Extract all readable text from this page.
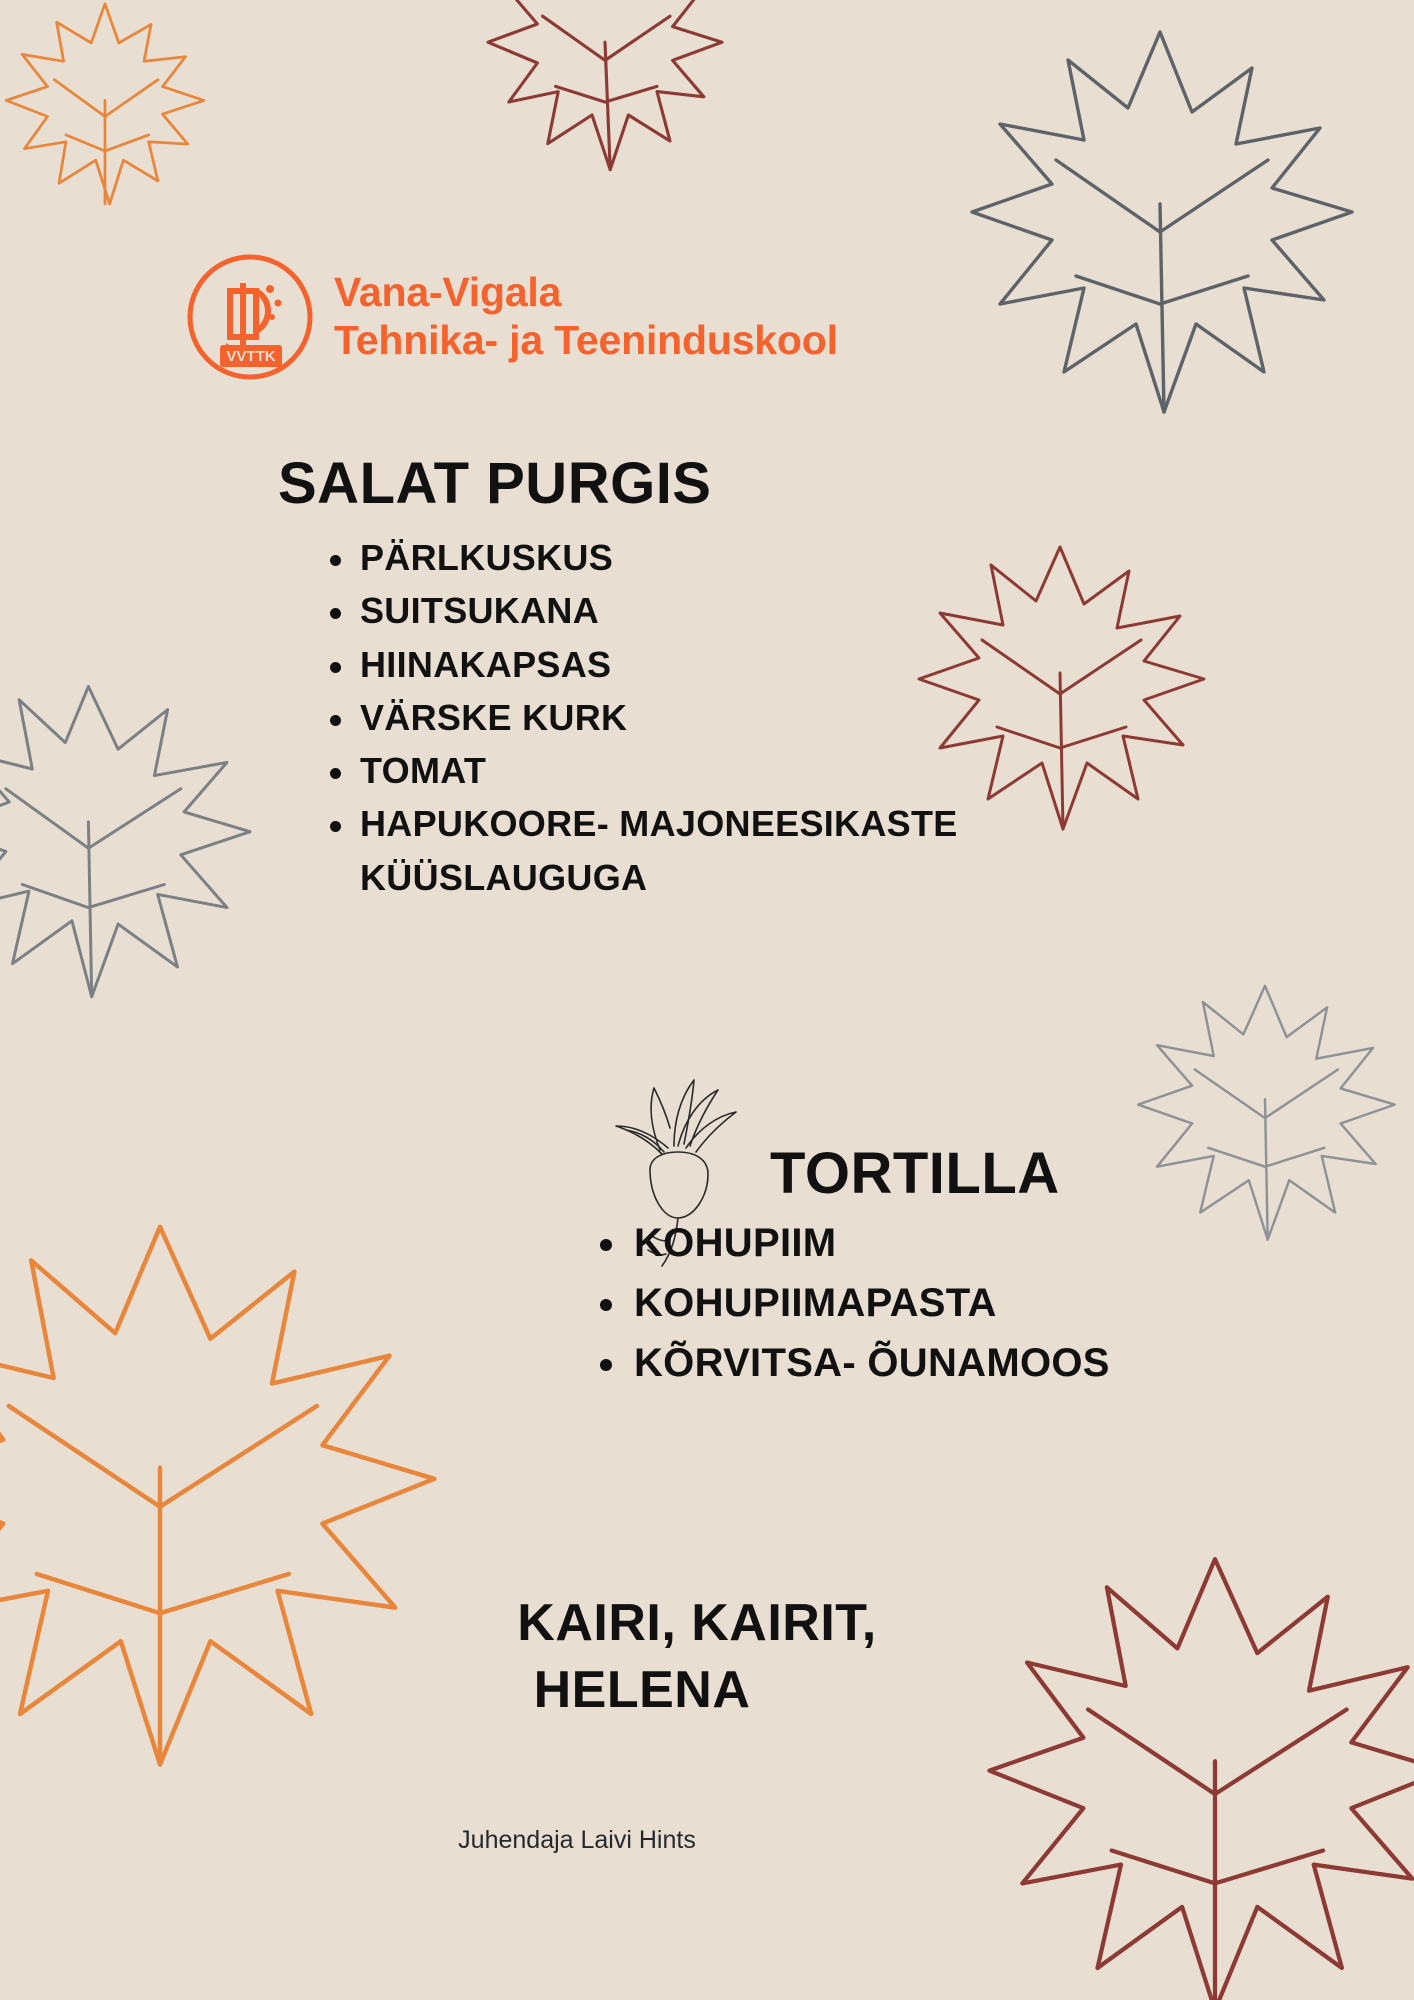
VVTTK
Vana-Vigala
Tehnika- ja Teeninduskool
SALAT PURGIS
PÄRLKUSKUS
SUITSUKANA
HIINAKAPSAS
VÄRSKE KURK
TOMAT
HAPUKOORE- MAJONEESIKASTE KÜÜSLAUGUGA
TORTILLA
KOHUPIIM
KOHUPIIMAPASTA
KÕRVITSA- ÕUNAMOOS
KAIRI, KAIRIT,
HELENA
Juhendaja Laivi Hints
